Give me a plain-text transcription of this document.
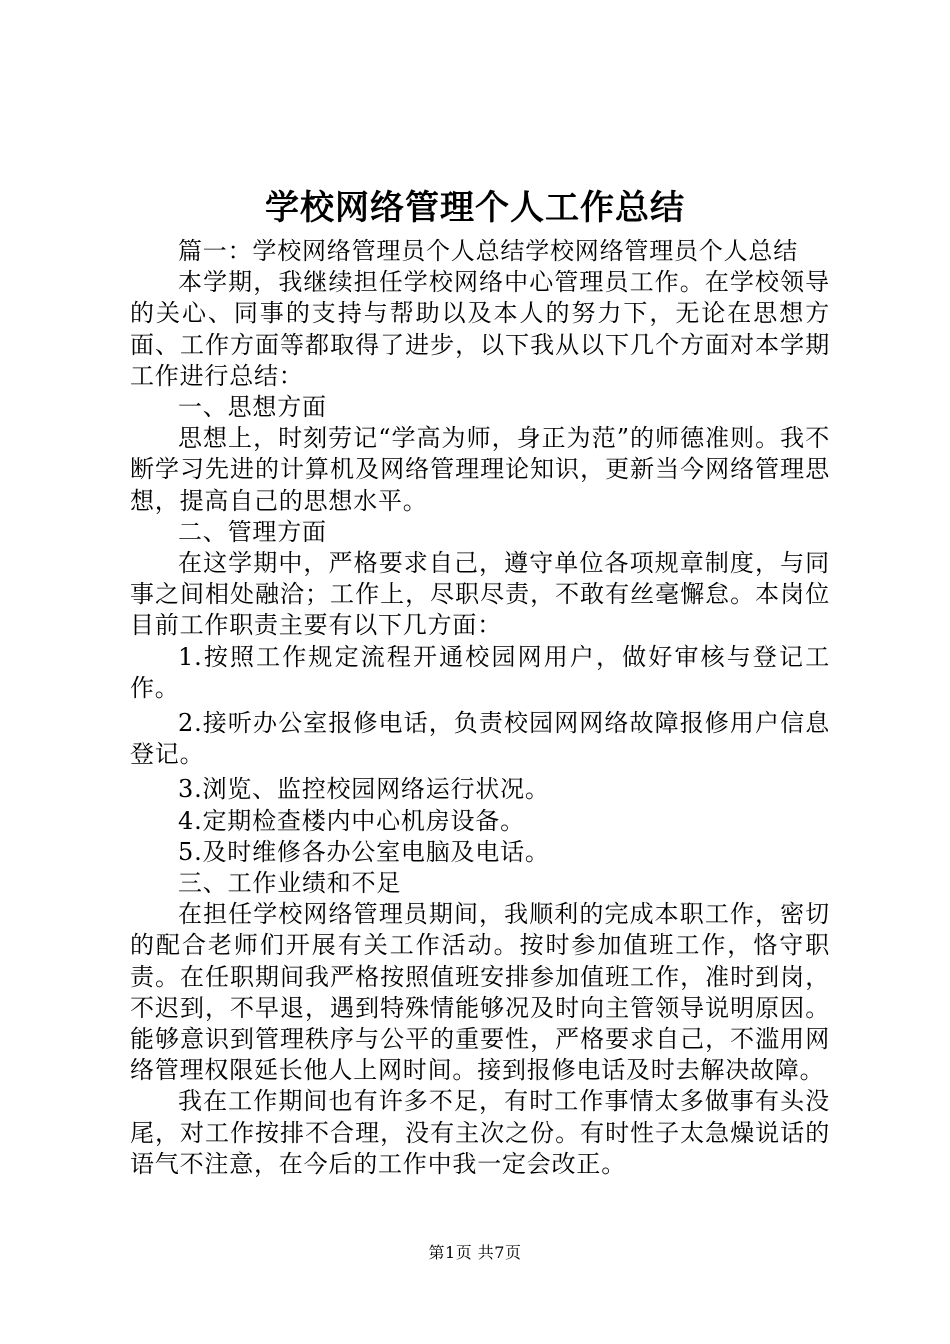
学校网络管理个人工作总结

篇一：学校网络管理员个人总结学校网络管理员个人总结

本学期，我继续担任学校网络中心管理员工作。在学校领导的关心、同事的支持与帮助以及本人的努力下，无论在思想方面、工作方面等都取得了进步，以下我从以下几个方面对本学期工作进行总结：

一、思想方面

思想上，时刻劳记“学高为师，身正为范”的师德准则。我不断学习先进的计算机及网络管理理论知识，更新当今网络管理思想，提高自己的思想水平。

二、管理方面

在这学期中，严格要求自己，遵守单位各项规章制度，与同事之间相处融洽；工作上，尽职尽责，不敢有丝毫懈怠。本岗位目前工作职责主要有以下几方面：

1.按照工作规定流程开通校园网用户，做好审核与登记工作。

2.接听办公室报修电话，负责校园网网络故障报修用户信息登记。

3.浏览、监控校园网络运行状况。

4.定期检查楼内中心机房设备。

5.及时维修各办公室电脑及电话。

三、工作业绩和不足

在担任学校网络管理员期间，我顺利的完成本职工作，密切的配合老师们开展有关工作活动。按时参加值班工作，恪守职责。在任职期间我严格按照值班安排参加值班工作，准时到岗，不迟到，不早退，遇到特殊情能够况及时向主管领导说明原因。能够意识到管理秩序与公平的重要性，严格要求自己，不滥用网络管理权限延长他人上网时间。接到报修电话及时去解决故障。

我在工作期间也有许多不足，有时工作事情太多做事有头没尾，对工作按排不合理，没有主次之份。有时性子太急燥说话的语气不注意，在今后的工作中我一定会改正。

第1页 共7页
